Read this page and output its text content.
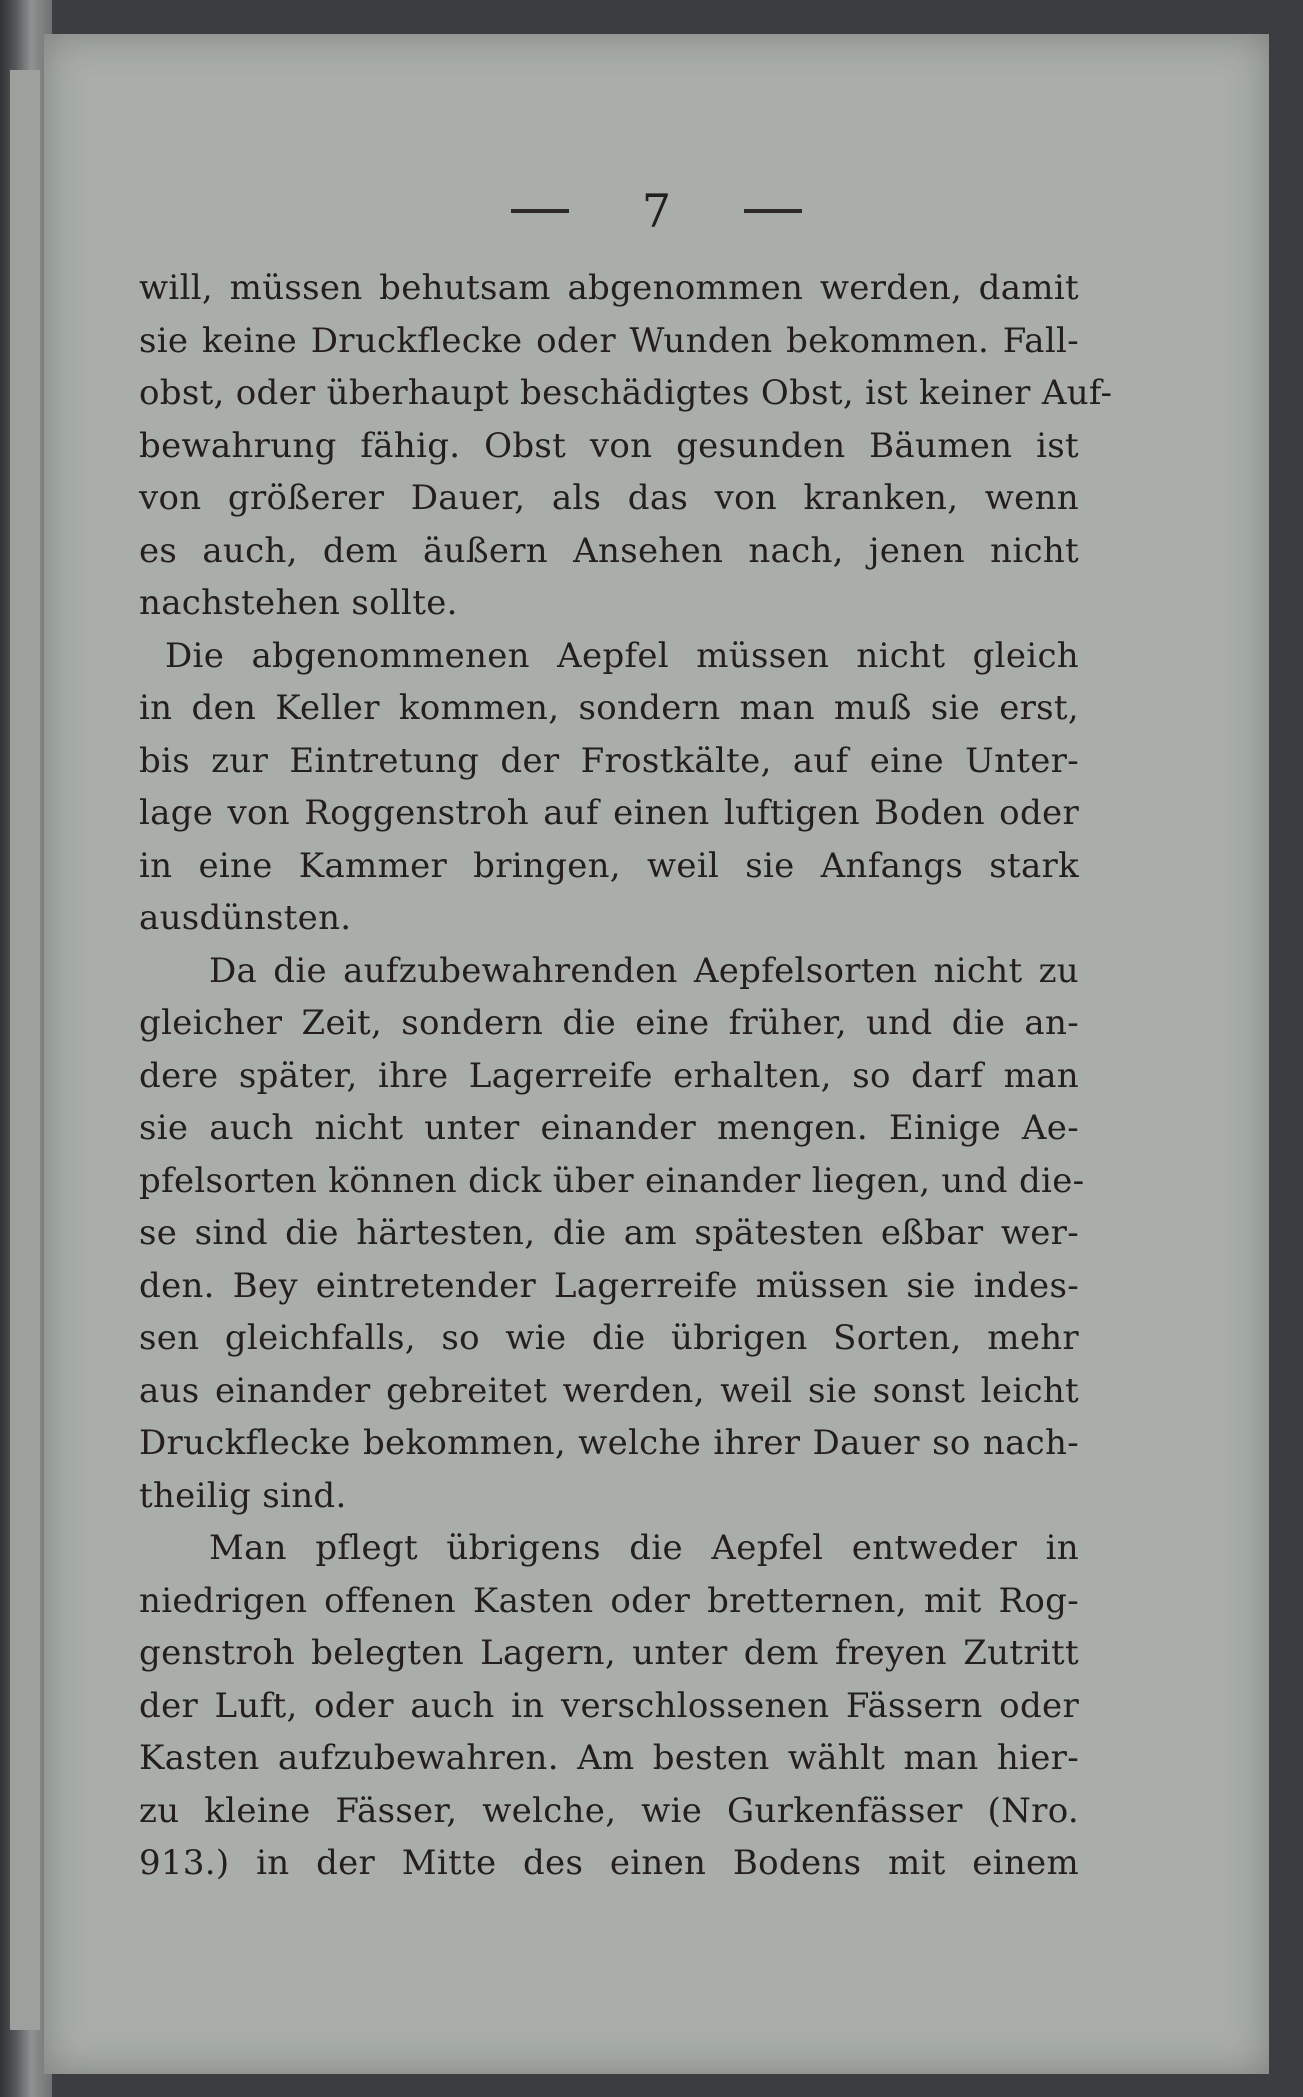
7
will, müssen behutsam abgenommen werden, damit
sie keine Druckflecke oder Wunden bekommen. Fall-
obst, oder überhaupt beschädigtes Obst, ist keiner Auf-
bewahrung fähig. Obst von gesunden Bäumen ist
von größerer Dauer, als das von kranken, wenn
es auch, dem äußern Ansehen nach, jenen nicht
nachstehen sollte.
Die abgenommenen Aepfel müssen nicht gleich
in den Keller kommen, sondern man muß sie erst,
bis zur Eintretung der Frostkälte, auf eine Unter-
lage von Roggenstroh auf einen luftigen Boden oder
in eine Kammer bringen, weil sie Anfangs stark
ausdünsten.
Da die aufzubewahrenden Aepfelsorten nicht zu
gleicher Zeit, sondern die eine früher, und die an-
dere später, ihre Lagerreife erhalten, so darf man
sie auch nicht unter einander mengen. Einige Ae-
pfelsorten können dick über einander liegen, und die-
se sind die härtesten, die am spätesten eßbar wer-
den. Bey eintretender Lagerreife müssen sie indes-
sen gleichfalls, so wie die übrigen Sorten, mehr
aus einander gebreitet werden, weil sie sonst leicht
Druckflecke bekommen, welche ihrer Dauer so nach-
theilig sind.
Man pflegt übrigens die Aepfel entweder in
niedrigen offenen Kasten oder bretternen, mit Rog-
genstroh belegten Lagern, unter dem freyen Zutritt
der Luft, oder auch in verschlossenen Fässern oder
Kasten aufzubewahren. Am besten wählt man hier-
zu kleine Fässer, welche, wie Gurkenfässer (Nro.
913.) in der Mitte des einen Bodens mit einem
